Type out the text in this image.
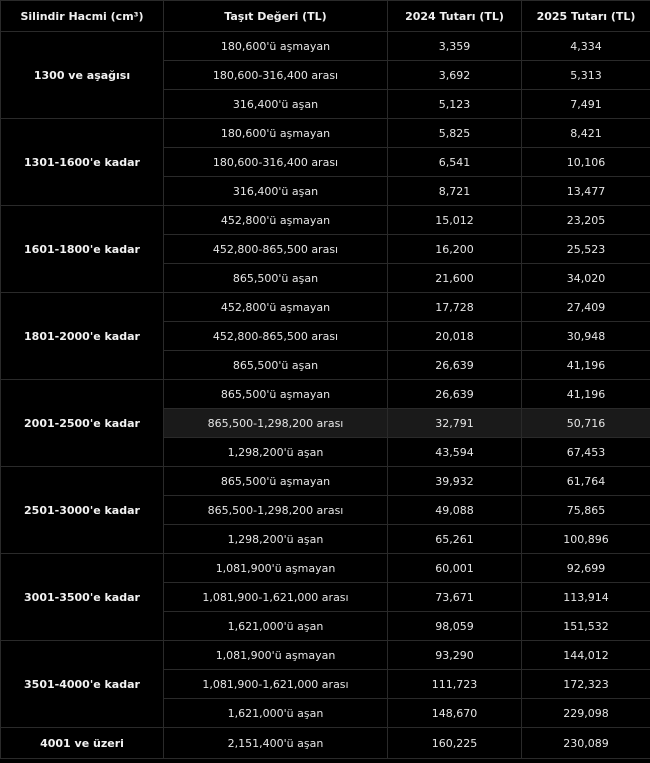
Silindir Hacmi (cm³)	Taşıt Değeri (TL)	2024 Tutarı (TL)	2025 Tutarı (TL)
1300 ve aşağısı	180,600'ü aşmayan	3,359	4,334
	180,600-316,400 arası	3,692	5,313
	316,400'ü aşan	5,123	7,491
1301-1600'e kadar	180,600'ü aşmayan	5,825	8,421
	180,600-316,400 arası	6,541	10,106
	316,400'ü aşan	8,721	13,477
1601-1800'e kadar	452,800'ü aşmayan	15,012	23,205
	452,800-865,500 arası	16,200	25,523
	865,500'ü aşan	21,600	34,020
1801-2000'e kadar	452,800'ü aşmayan	17,728	27,409
	452,800-865,500 arası	20,018	30,948
	865,500'ü aşan	26,639	41,196
2001-2500'e kadar	865,500'ü aşmayan	26,639	41,196
	865,500-1,298,200 arası	32,791	50,716
	1,298,200'ü aşan	43,594	67,453
2501-3000'e kadar	865,500'ü aşmayan	39,932	61,764
	865,500-1,298,200 arası	49,088	75,865
	1,298,200'ü aşan	65,261	100,896
3001-3500'e kadar	1,081,900'ü aşmayan	60,001	92,699
	1,081,900-1,621,000 arası	73,671	113,914
	1,621,000'ü aşan	98,059	151,532
3501-4000'e kadar	1,081,900'ü aşmayan	93,290	144,012
	1,081,900-1,621,000 arası	111,723	172,323
	1,621,000'ü aşan	148,670	229,098
4001 ve üzeri	2,151,400'ü aşan	160,225	230,089
